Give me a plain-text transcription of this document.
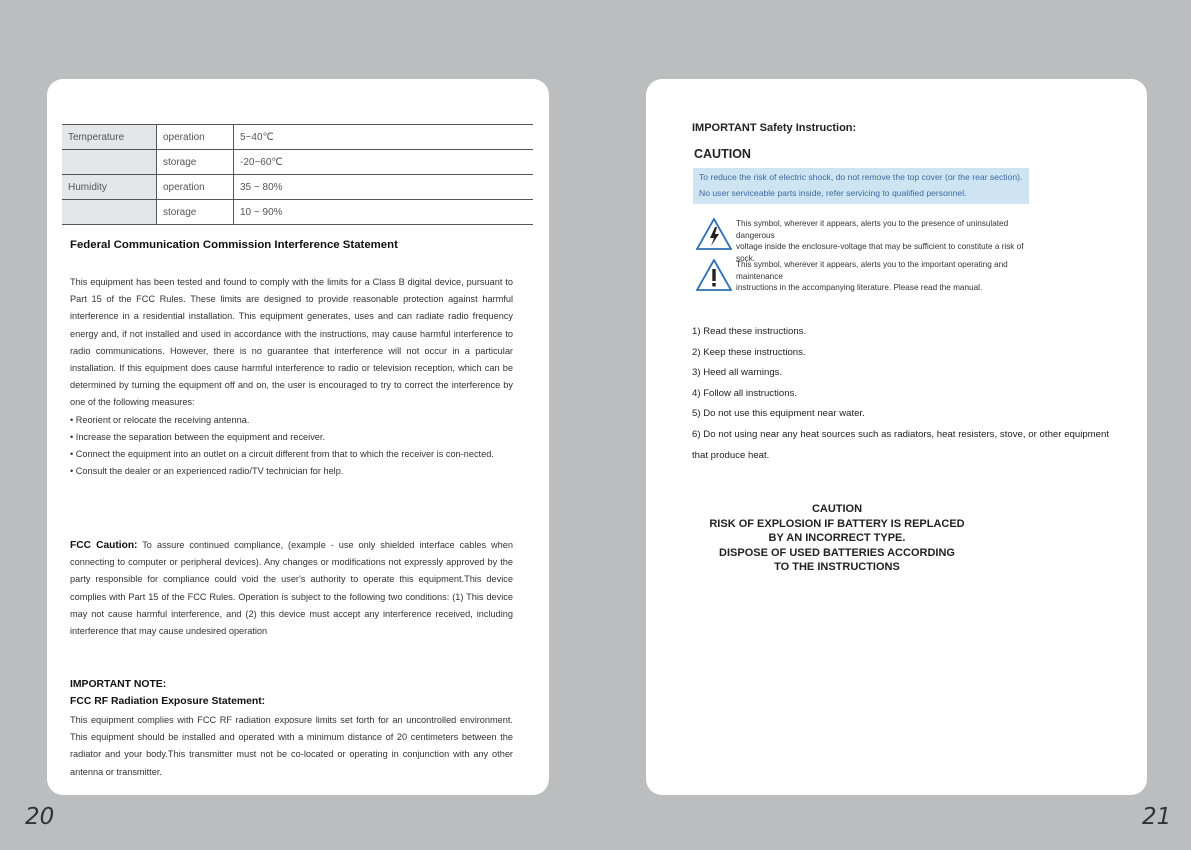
Temperature	operation	5~40℃
	storage	-20~60℃
Humidity	operation	35 ~ 80%
	storage	10 ~ 90%
Federal Communication Commission Interference Statement
This equipment has been tested and found to comply with the limits for a Class B digital device, pursuant to Part 15 of the FCC Rules. These limits are designed to provide reasonable protection against harmful interference in a residential installation. This equipment generates, uses and can radiate radio frequency energy and, if not installed and used in accordance with the instructions, may cause harmful interference to radio communications. However, there is no guarantee that interference will not occur in a particular installation. If this equipment does cause harmful interference to radio or television reception, which can be determined by turning the equipment off and on, the user is encouraged to try to correct the interference by one of the following measures:
• Reorient or relocate the receiving antenna.
• Increase the separation between the equipment and receiver.
• Connect the equipment into an outlet on a circuit different from that to which the receiver is con-nected.
• Consult the dealer or an experienced radio/TV technician for help.
FCC Caution: To assure continued compliance, (example - use only shielded interface cables when connecting to computer or peripheral devices). Any changes or modifications not expressly approved by the party responsible for compliance could void the user's authority to operate this equipment.This device complies with Part 15 of the FCC Rules. Operation is subject to the following two conditions: (1) This device may not cause harmful interference, and (2) this device must accept any interference received, including interference that may cause undesired operation
IMPORTANT NOTE:
FCC RF Radiation Exposure Statement:
This equipment complies with FCC RF radiation exposure limits set forth for an uncontrolled environment. This equipment should be installed and operated with a minimum distance of 20 centimeters between the radiator and your body.This transmitter must not be co-located or operating in conjunction with any other antenna or transmitter.
IMPORTANT Safety Instruction:
CAUTION
To reduce the risk of electric shock, do not remove the top cover (or the rear section).
No user serviceable parts inside, refer servicing to qualified personnel.
This symbol, wherever it appears, alerts you to the presence of uninsulated dangerous
voltage inside the enclosure-voltage that may be sufficient to constitute a risk of sock.
This symbol, wherever it appears, alerts you to the important operating and maintenance
instructions in the accompanying literature. Please read the manual.
1) Read these instructions.
2) Keep these instructions.
3) Heed all warnings.
4) Follow all instructions.
5) Do not use this equipment near water.
6) Do not using near any heat sources such as radiators, heat resisters, stove, or other equipment that produce heat.
CAUTION
RISK OF EXPLOSION IF BATTERY IS REPLACED
BY AN INCORRECT TYPE.
DISPOSE OF USED BATTERIES ACCORDING
TO THE INSTRUCTIONS
20	21
